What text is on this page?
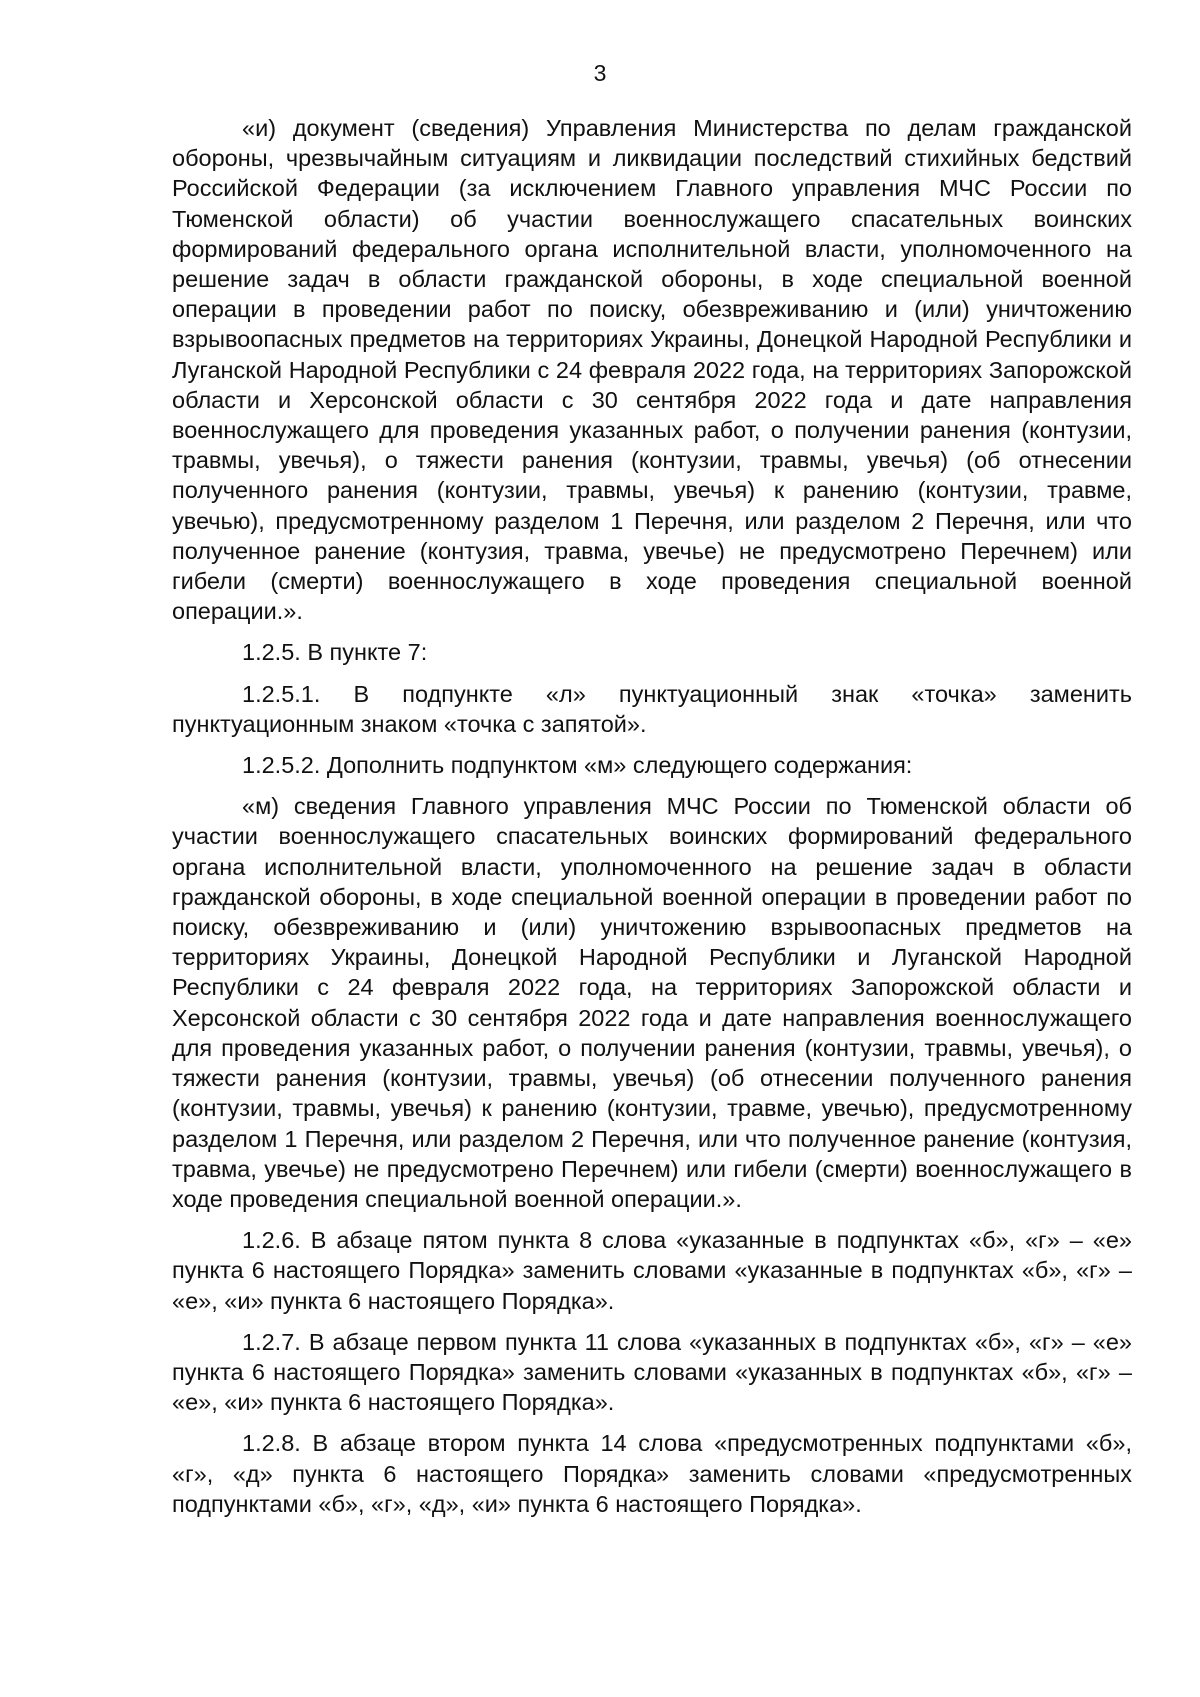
3

«и) документ (сведения) Управления Министерства по делам гражданской обороны, чрезвычайным ситуациям и ликвидации последствий стихийных бедствий Российской Федерации (за исключением Главного управления МЧС России по Тюменской области) об участии военнослужащего спасательных воинских формирований федерального органа исполнительной власти, уполномоченного на решение задач в области гражданской обороны, в ходе специальной военной операции в проведении работ по поиску, обезвреживанию и (или) уничтожению взрывоопасных предметов на территориях Украины, Донецкой Народной Республики и Луганской Народной Республики с 24 февраля 2022 года, на территориях Запорожской области и Херсонской области с 30 сентября 2022 года и дате направления военнослужащего для проведения указанных работ, о получении ранения (контузии, травмы, увечья), о тяжести ранения (контузии, травмы, увечья) (об отнесении полученного ранения (контузии, травмы, увечья) к ранению (контузии, травме, увечью), предусмотренному разделом 1 Перечня, или разделом 2 Перечня, или что полученное ранение (контузия, травма, увечье) не предусмотрено Перечнем) или гибели (смерти) военнослужащего в ходе проведения специальной военной операции.».

1.2.5. В пункте 7:

1.2.5.1. В подпункте «л» пунктуационный знак «точка» заменить пунктуационным знаком «точка с запятой».

1.2.5.2. Дополнить подпунктом «м» следующего содержания:

«м) сведения Главного управления МЧС России по Тюменской области об участии военнослужащего спасательных воинских формирований федерального органа исполнительной власти, уполномоченного на решение задач в области гражданской обороны, в ходе специальной военной операции в проведении работ по поиску, обезвреживанию и (или) уничтожению взрывоопасных предметов на территориях Украины, Донецкой Народной Республики и Луганской Народной Республики с 24 февраля 2022 года, на территориях Запорожской области и Херсонской области с 30 сентября 2022 года и дате направления военнослужащего для проведения указанных работ, о получении ранения (контузии, травмы, увечья), о тяжести ранения (контузии, травмы, увечья) (об отнесении полученного ранения (контузии, травмы, увечья) к ранению (контузии, травме, увечью), предусмотренному разделом 1 Перечня, или разделом 2 Перечня, или что полученное ранение (контузия, травма, увечье) не предусмотрено Перечнем) или гибели (смерти) военнослужащего в ходе проведения специальной военной операции.».

1.2.6. В абзаце пятом пункта 8 слова «указанные в подпунктах «б», «г» – «е» пункта 6 настоящего Порядка» заменить словами «указанные в подпунктах «б», «г» – «е», «и» пункта 6 настоящего Порядка».

1.2.7. В абзаце первом пункта 11 слова «указанных в подпунктах «б», «г» – «е» пункта 6 настоящего Порядка» заменить словами «указанных в подпунктах «б», «г» – «е», «и» пункта 6 настоящего Порядка».

1.2.8. В абзаце втором пункта 14 слова «предусмотренных подпунктами «б», «г», «д» пункта 6 настоящего Порядка» заменить словами «предусмотренных подпунктами «б», «г», «д», «и» пункта 6 настоящего Порядка».
